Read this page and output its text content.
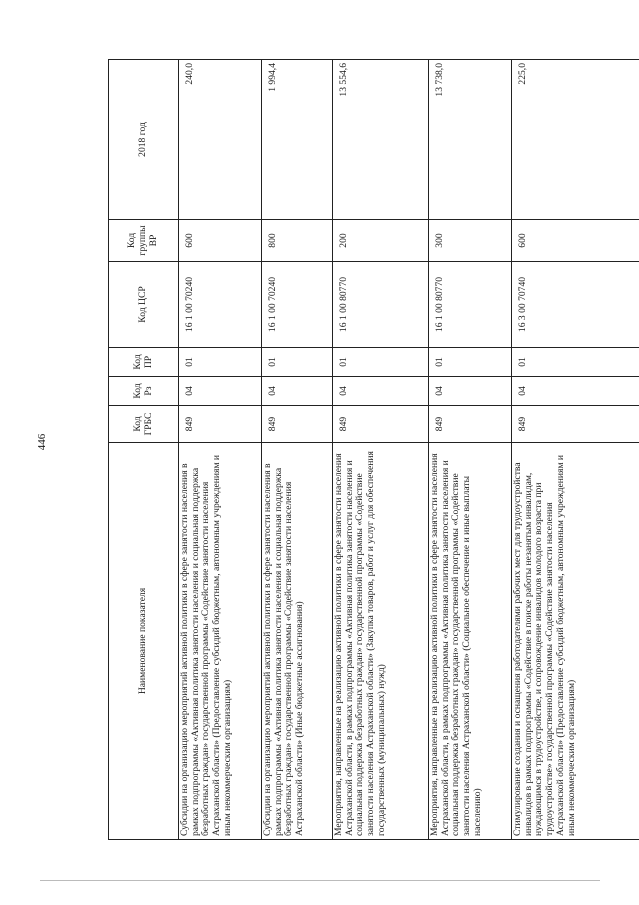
446
Наименование показателя	Код ГРБС	Код Рз	Код ПР	Код ЦСР	Код группы ВР	2018 год
Субсидии на организацию мероприятий активной политики в сфере занятости населения в рамках подпрограммы «Активная политика занятости населения и социальная поддержка безработных граждан» государственной программы «Содействие занятости населения Астраханской области» (Предоставление субсидий бюджетным, автономным учреждениям и иным некоммерческим организациям)	849	04	01	16 1 00 70240	600	240,0
Субсидии на организацию мероприятий активной политики в сфере занятости населения в рамках подпрограммы «Активная политика занятости населения и социальная поддержка безработных граждан» государственной программы «Содействие занятости населения Астраханской области» (Иные бюджетные ассигнования)	849	04	01	16 1 00 70240	800	1 994,4
Мероприятия, направленные на реализацию активной политики в сфере занятости населения Астраханской области, в рамках подпрограммы «Активная политика занятости населения и социальная поддержка безработных граждан» государственной программы «Содействие занятости населения Астраханской области» (Закупка товаров, работ и услуг для обеспечения государственных (муниципальных) нужд)	849	04	01	16 1 00 80770	200	13 554,6
Мероприятия, направленные на реализацию активной политики в сфере занятости населения Астраханской области, в рамках подпрограммы «Активная политика занятости населения и социальная поддержка безработных граждан» государственной программы «Содействие занятости населения Астраханской области» (Социальное обеспечение и иные выплаты населению)	849	04	01	16 1 00 80770	300	13 738,0
Стимулирование создания и оснащения работодателями рабочих мест для трудоустройства инвалидов в рамках подпрограммы «Содействие в поиске работы незанятым инвалидам, нуждающимся в трудоустройстве, и сопровождение инвалидов молодого возраста при трудоустройстве» государственной программы «Содействие занятости населения Астраханской области» (Предоставление субсидий бюджетным, автономным учреждениям и иным некоммерческим организациям)	849	04	01	16 3 00 70740	600	225,0
